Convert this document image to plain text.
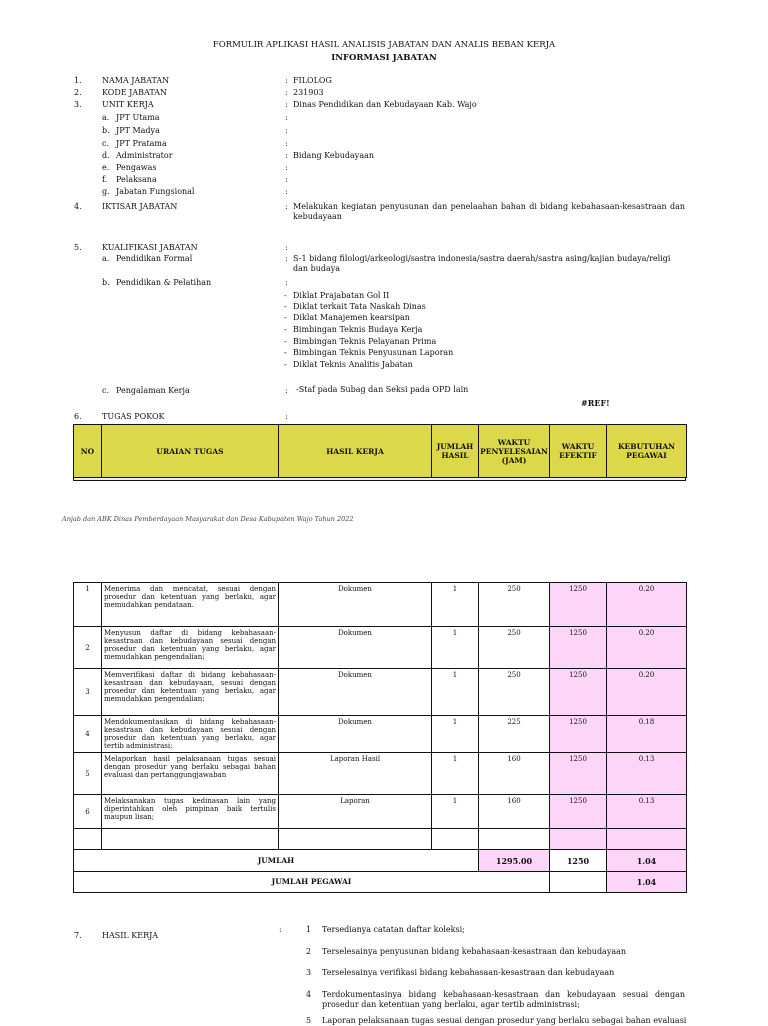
FORMULIR APLIKASI HASIL ANALISIS JABATAN DAN ANALIS BEBAN KERJA
INFORMASI JABATAN
1.	NAMA JABATAN	: FILOLOG
2.	KODE JABATAN	: 231903
3.	UNIT KERJA	: Dinas Pendidikan dan Kebudayaan Kab. Wajo
a. JPT Utama	:
b. JPT Madya	:
c. JPT Pratama	:
d. Administrator	: Bidang Kebudayaan
e. Pengawas	:
f. Pelaksana	:
g. Jabatan Fungsional	:
4.	IKTISAR JABATAN	: Melakukan kegiatan penyusunan dan penelaahan bahan di bidang kebahasaan-kesastraan dan kebudayaan
5.	KUALIFIKASI JABATAN	:
a. Pendidikan Formal	: S-1 bidang filologi/arkeologi/sastra indonesia/sastra daerah/sastra asing/kajian budaya/religi dan budaya
b. Pendidikan & Pelatihan	:
- Diklat Prajabatan Gol II
- Diklat terkait Tata Naskah Dinas
- Diklat Manajemen kearsipan
- Bimbingan Teknis Budaya Kerja
- Bimbingan Teknis Pelayanan Prima
- Bimbingan Teknis Penyusunan Laporan
- Diklat Teknis Analitis Jabatan
c. Pengalaman Kerja	: -Staf pada Subag dan Seksi pada OPD lain
#REF!
6.	TUGAS POKOK	:
NO	URAIAN TUGAS	HASIL KERJA	JUMLAH HASIL	WAKTU PENYELESAIAN (JAM)	WAKTU EFEKTIF	KEBUTUHAN PEGAWAI
Anjab dan ABK Dinas Pemberdayaan Masyarakat dan Desa Kabupaten Wajo Tahun 2022
1	Menerima dan mencatat, sesuai dengan prosedur dan ketentuan yang berlaku, agar memudahkan pendataan.	Dokumen	1	250	1250	0.20
2	Menyusun daftar di bidang kebahasaan-kesastraan dan kebudayaan sesuai dengan prosedur dan ketentuan yang berlaku, agar memudahkan pengendalian;	Dokumen	1	250	1250	0.20
3	Memverifikasi daftar di bidang kebahasaan-kesastraan dan kebudayaan, sesuai dengan prosedur dan ketentuan yang berlaku, agar memudahkan pengendalian;	Dokumen	1	250	1250	0.20
4	Mendokumentasikan di bidang kebahasaan-kesastraan dan kebudayaan sesuai dengan prosedur dan ketentuan yang berlaku, agar tertib administrasi;	Dokumen	1	225	1250	0.18
5	Melaporkan hasil pelaksanaan tugas sesuai dengan prosedur yang berlaku sebagai bahan evaluasi dan pertanggungjawaban	Laporan Hasil	1	160	1250	0.13
6	Melaksanakan tugas kedinasan lain yang diperintahkan oleh pimpinan baik tertulis maupun lisan;	Laporan	1	160	1250	0.13

JUMLAH				1295.00	1250	1.04
JUMLAH PEGAWAI						1.04
7.	HASIL KERJA
:	1 Tersedianya catatan daftar koleksi;
2 Terselesainya penyusunan bidang kebahasaan-kesastraan dan kebudayaan
3 Terselesainya verifikasi bidang kebahasaan-kesastraan dan kebudayaan
4 Terdokumentasinya bidang kebahasaan-kesastraan dan kebudayaan sesuai dengan prosedur dan ketentuan yang berlaku, agar tertib administrasi;
5 Laporan pelaksanaan tugas sesuai dengan prosedur yang berlaku sebagai bahan evaluasi
